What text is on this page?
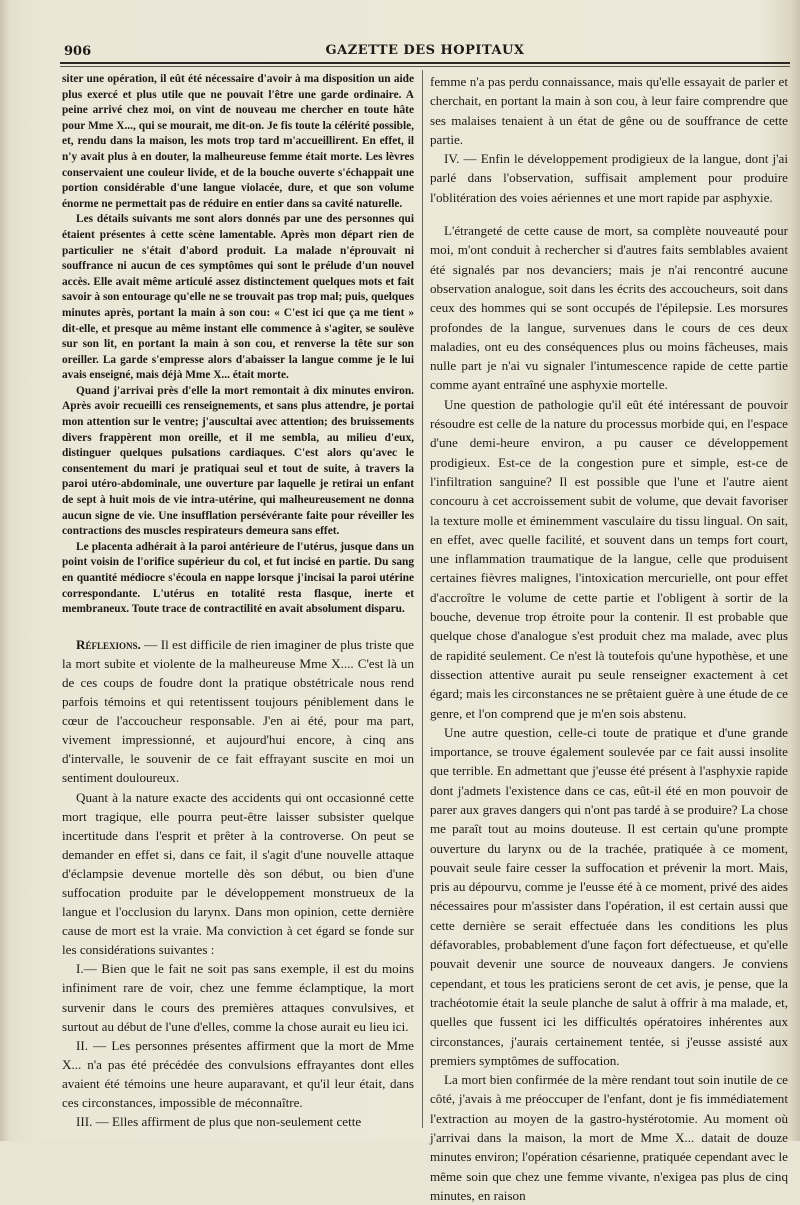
906	GAZETTE DES HOPITAUX

siter une opération, il eût été nécessaire d'avoir à ma disposition un aide plus exercé et plus utile que ne pouvait l'être une garde ordinaire. A peine arrivé chez moi, on vint de nouveau me chercher en toute hâte pour Mme X..., qui se mourait, me dit-on. Je fis toute la célérité possible, et, rendu dans la maison, les mots trop tard m'accueillirent. En effet, il n'y avait plus à en douter, la malheureuse femme était morte. Les lèvres conservaient une couleur livide, et de la bouche ouverte s'échappait une portion considérable d'une langue violacée, dure, et que son volume énorme ne permettait pas de réduire en entier dans sa cavité naturelle.

Les détails suivants me sont alors donnés par une des personnes qui étaient présentes à cette scène lamentable. Après mon départ rien de particulier ne s'était d'abord produit. La malade n'éprouvait ni souffrance ni aucun de ces symptômes qui sont le prélude d'un nouvel accès. Elle avait même articulé assez distinctement quelques mots et fait savoir à son entourage qu'elle ne se trouvait pas trop mal; puis, quelques minutes après, portant la main à son cou: « C'est ici que ça me tient » dit-elle, et presque au même instant elle commence à s'agiter, se soulève sur son lit, en portant la main à son cou, et renverse la tête sur son oreiller. La garde s'empresse alors d'abaisser la langue comme je le lui avais enseigné, mais déjà Mme X... était morte.

Quand j'arrivai près d'elle la mort remontait à dix minutes environ. Après avoir recueilli ces renseignements, et sans plus attendre, je portai mon attention sur le ventre; j'auscultai avec attention; des bruissements divers frappèrent mon oreille, et il me sembla, au milieu d'eux, distinguer quelques pulsations cardiaques. C'est alors qu'avec le consentement du mari je pratiquai seul et tout de suite, à travers la paroi utéro-abdominale, une ouverture par laquelle je retirai un enfant de sept à huit mois de vie intra-utérine, qui malheureusement ne donna aucun signe de vie. Une insufflation persévérante faite pour réveiller les contractions des muscles respirateurs demeura sans effet.

Le placenta adhérait à la paroi antérieure de l'utérus, jusque dans un point voisin de l'orifice supérieur du col, et fut incisé en partie. Du sang en quantité médiocre s'écoula en nappe lorsque j'incisai la paroi utérine correspondante. L'utérus en totalité resta flasque, inerte et membraneux. Toute trace de contractilité en avait absolument disparu.

Réflexions. — Il est difficile de rien imaginer de plus triste que la mort subite et violente de la malheureuse Mme X.... C'est là un de ces coups de foudre dont la pratique obstétricale nous rend parfois témoins et qui retentissent toujours péniblement dans le cœur de l'accoucheur responsable. J'en ai été, pour ma part, vivement impressionné, et aujourd'hui encore, à cinq ans d'intervalle, le souvenir de ce fait effrayant suscite en moi un sentiment douloureux.

Quant à la nature exacte des accidents qui ont occasionné cette mort tragique, elle pourra peut-être laisser subsister quelque incertitude dans l'esprit et prêter à la controverse. On peut se demander en effet si, dans ce fait, il s'agit d'une nouvelle attaque d'éclampsie devenue mortelle dès son début, ou bien d'une suffocation produite par le développement monstrueux de la langue et l'occlusion du larynx. Dans mon opinion, cette dernière cause de mort est la vraie. Ma conviction à cet égard se fonde sur les considérations suivantes :

I.— Bien que le fait ne soit pas sans exemple, il est du moins infiniment rare de voir, chez une femme éclamptique, la mort survenir dans le cours des premières attaques convulsives, et surtout au début de l'une d'elles, comme la chose aurait eu lieu ici.

II. — Les personnes présentes affirment que la mort de Mme X... n'a pas été précédée des convulsions effrayantes dont elles avaient été témoins une heure auparavant, et qu'il leur était, dans ces circonstances, impossible de méconnaître.

III. — Elles affirment de plus que non-seulement cette

femme n'a pas perdu connaissance, mais qu'elle essayait de parler et cherchait, en portant la main à son cou, à leur faire comprendre que ses malaises tenaient à un état de gêne ou de souffrance de cette partie.

IV. — Enfin le développement prodigieux de la langue, dont j'ai parlé dans l'observation, suffisait amplement pour produire l'oblitération des voies aériennes et une mort rapide par asphyxie.

L'étrangeté de cette cause de mort, sa complète nouveauté pour moi, m'ont conduit à rechercher si d'autres faits semblables avaient été signalés par nos devanciers; mais je n'ai rencontré aucune observation analogue, soit dans les écrits des accoucheurs, soit dans ceux des hommes qui se sont occupés de l'épilepsie. Les morsures profondes de la langue, survenues dans le cours de ces deux maladies, ont eu des conséquences plus ou moins fâcheuses, mais nulle part je n'ai vu signaler l'intumescence rapide de cette partie comme ayant entraîné une asphyxie mortelle.

Une question de pathologie qu'il eût été intéressant de pouvoir résoudre est celle de la nature du processus morbide qui, en l'espace d'une demi-heure environ, a pu causer ce développement prodigieux. Est-ce de la congestion pure et simple, est-ce de l'infiltration sanguine? Il est possible que l'une et l'autre aient concouru à cet accroissement subit de volume, que devait favoriser la texture molle et éminemment vasculaire du tissu lingual. On sait, en effet, avec quelle facilité, et souvent dans un temps fort court, une inflammation traumatique de la langue, celle que produisent certaines fièvres malignes, l'intoxication mercurielle, ont pour effet d'accroître le volume de cette partie et l'obligent à sortir de la bouche, devenue trop étroite pour la contenir. Il est probable que quelque chose d'analogue s'est produit chez ma malade, avec plus de rapidité seulement. Ce n'est là toutefois qu'une hypothèse, et une dissection attentive aurait pu seule renseigner exactement à cet égard; mais les circonstances ne se prêtaient guère à une étude de ce genre, et l'on comprend que je m'en sois abstenu.

Une autre question, celle-ci toute de pratique et d'une grande importance, se trouve également soulevée par ce fait aussi insolite que terrible. En admettant que j'eusse été présent à l'asphyxie rapide dont j'admets l'existence dans ce cas, eût-il été en mon pouvoir de parer aux graves dangers qui n'ont pas tardé à se produire? La chose me paraît tout au moins douteuse. Il est certain qu'une prompte ouverture du larynx ou de la trachée, pratiquée à ce moment, pouvait seule faire cesser la suffocation et prévenir la mort. Mais, pris au dépourvu, comme je l'eusse été à ce moment, privé des aides nécessaires pour m'assister dans l'opération, il est certain aussi que cette dernière se serait effectuée dans les conditions les plus défavorables, probablement d'une façon fort défectueuse, et qu'elle pouvait devenir une source de nouveaux dangers. Je conviens cependant, et tous les praticiens seront de cet avis, je pense, que la trachéotomie était la seule planche de salut à offrir à ma malade, et, quelles que fussent ici les difficultés opératoires inhérentes aux circonstances, j'aurais certainement tentée, si j'eusse assisté aux premiers symptômes de suffocation.

La mort bien confirmée de la mère rendant tout soin inutile de ce côté, j'avais à me préoccuper de l'enfant, dont je fis immédiatement l'extraction au moyen de la gastro-hystérotomie. Au moment où j'arrivai dans la maison, la mort de Mme X... datait de douze minutes environ; l'opération césarienne, pratiquée cependant avec le même soin que chez une femme vivante, n'exigea pas plus de cinq minutes, en raison
